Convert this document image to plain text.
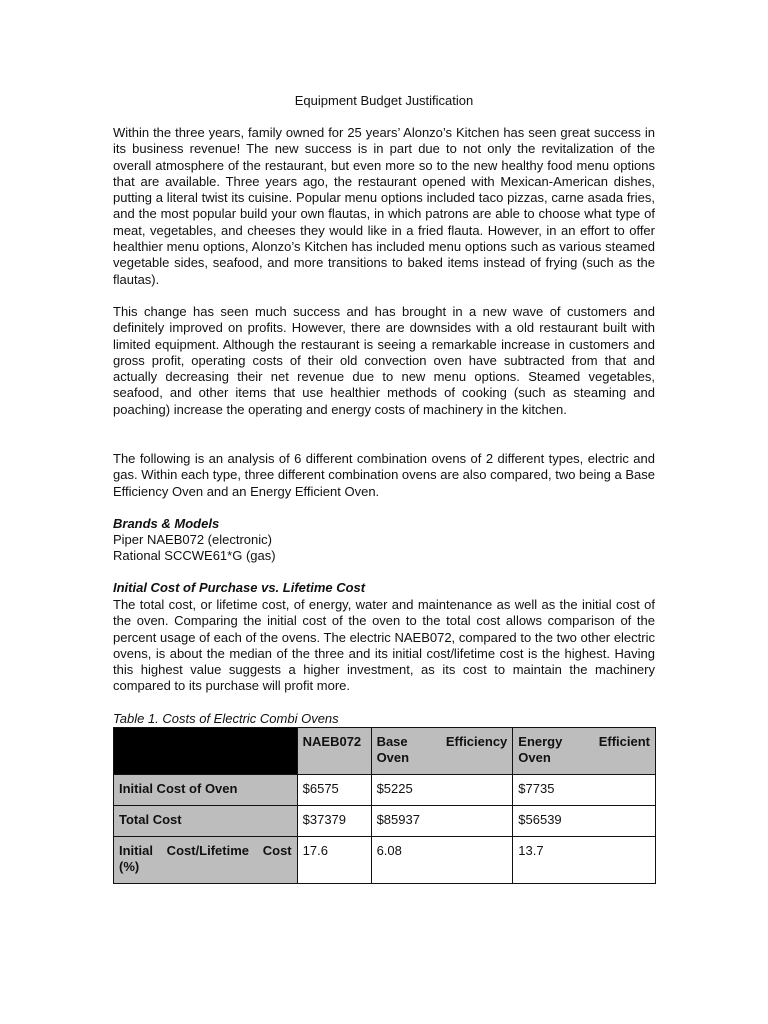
Equipment Budget Justification

Within the three years, family owned for 25 years’ Alonzo’s Kitchen has seen great success in its business revenue! The new success is in part due to not only the revitalization of the overall atmosphere of the restaurant, but even more so to the new healthy food menu options that are available. Three years ago, the restaurant opened with Mexican-American dishes, putting a literal twist its cuisine. Popular menu options included taco pizzas, carne asada fries, and the most popular build your own flautas, in which patrons are able to choose what type of meat, vegetables, and cheeses they would like in a fried flauta. However, in an effort to offer healthier menu options, Alonzo’s Kitchen has included menu options such as various steamed vegetable sides, seafood, and more transitions to baked items instead of frying (such as the flautas).

This change has seen much success and has brought in a new wave of customers and definitely improved on profits. However, there are downsides with a old restaurant built with limited equipment. Although the restaurant is seeing a remarkable increase in customers and gross profit, operating costs of their old convection oven have subtracted from that and actually decreasing their net revenue due to new menu options. Steamed vegetables, seafood, and other items that use healthier methods of cooking (such as steaming and poaching) increase the operating and energy costs of machinery in the kitchen.

The following is an analysis of 6 different combination ovens of 2 different types, electric and gas. Within each type, three different combination ovens are also compared, two being a Base Efficiency Oven and an Energy Efficient Oven.

Brands & Models
Piper NAEB072 (electronic)
Rational SCCWE61*G (gas)
Initial Cost of Purchase vs. Lifetime Cost

The total cost, or lifetime cost, of energy, water and maintenance as well as the initial cost of the oven. Comparing the initial cost of the oven to the total cost allows comparison of the percent usage of each of the ovens. The electric NAEB072, compared to the two other electric ovens, is about the median of the three and its initial cost/lifetime cost is the highest. Having this highest value suggests a higher investment, as its cost to maintain the machinery compared to its purchase will profit more.

Table 1. Costs of Electric Combi Ovens
	NAEB072	Base Efficiency Oven	Energy Efficient Oven
Initial Cost of Oven	$6575	$5225	$7735
Total Cost	$37379	$85937	$56539
Initial Cost/Lifetime Cost (%)	17.6	6.08	13.7
